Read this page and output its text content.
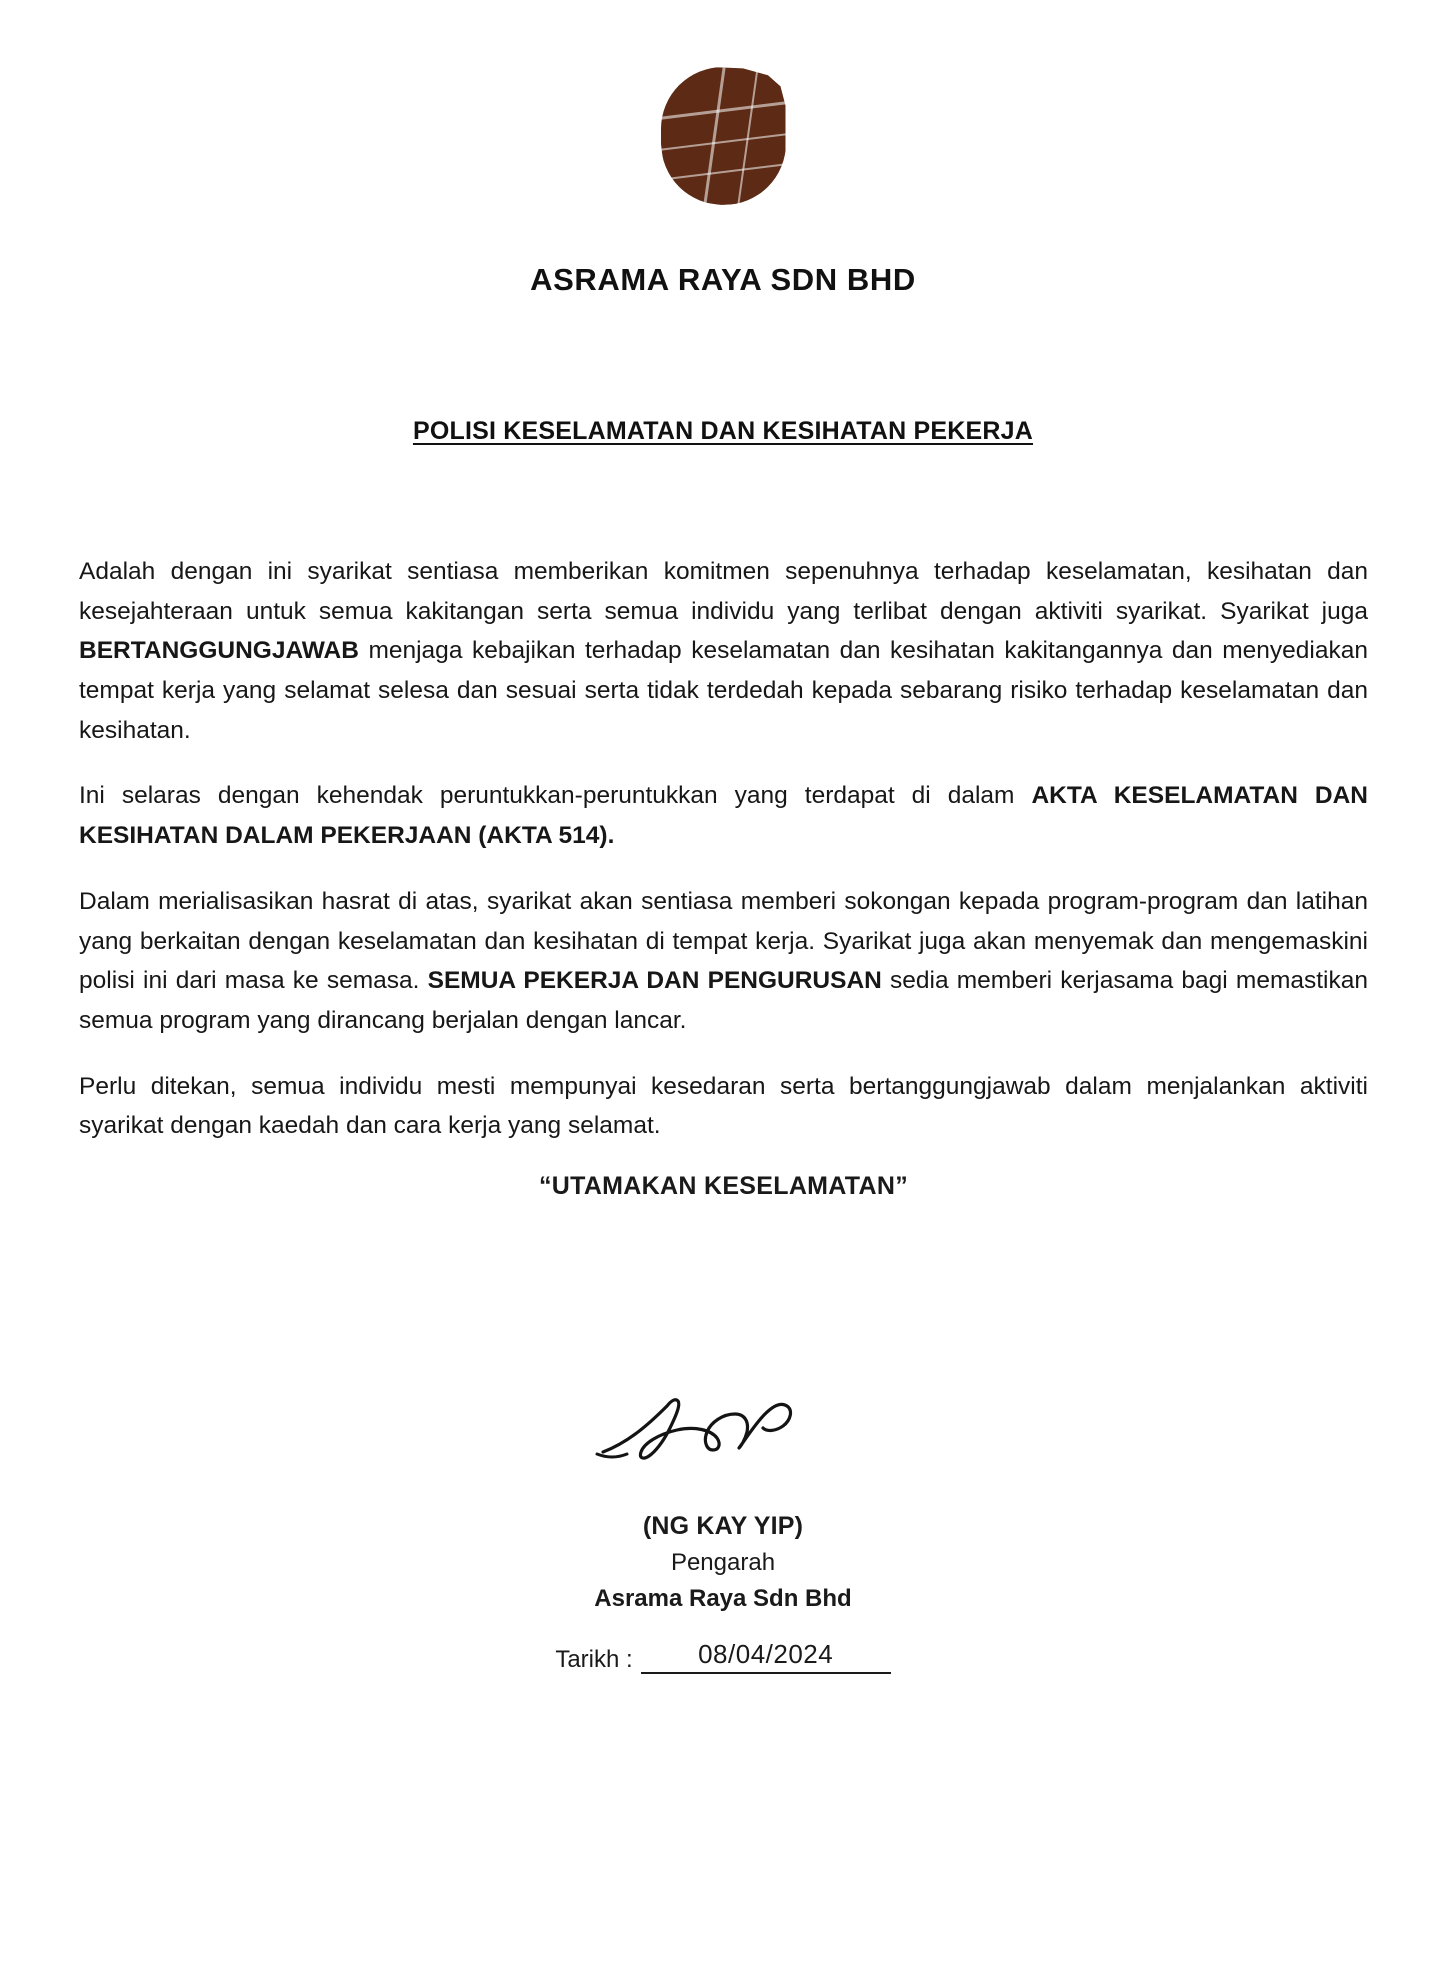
ASRAMA RAYA SDN BHD
POLISI KESELAMATAN DAN KESIHATAN PEKERJA

Adalah dengan ini syarikat sentiasa memberikan komitmen sepenuhnya terhadap keselamatan, kesihatan dan kesejahteraan untuk semua kakitangan serta semua individu yang terlibat dengan aktiviti syarikat. Syarikat juga BERTANGGUNGJAWAB menjaga kebajikan terhadap keselamatan dan kesihatan kakitangannya dan menyediakan tempat kerja yang selamat selesa dan sesuai serta tidak terdedah kepada sebarang risiko terhadap keselamatan dan kesihatan.

Ini selaras dengan kehendak peruntukkan-peruntukkan yang terdapat di dalam AKTA KESELAMATAN DAN KESIHATAN DALAM PEKERJAAN (AKTA 514).

Dalam merialisasikan hasrat di atas, syarikat akan sentiasa memberi sokongan kepada program-program dan latihan yang berkaitan dengan keselamatan dan kesihatan di tempat kerja. Syarikat juga akan menyemak dan mengemaskini polisi ini dari masa ke semasa. SEMUA PEKERJA DAN PENGURUSAN sedia memberi kerjasama bagi memastikan semua program yang dirancang berjalan dengan lancar.

Perlu ditekan, semua individu mesti mempunyai kesedaran serta bertanggungjawab dalam menjalankan aktiviti syarikat dengan kaedah dan cara kerja yang selamat.

“UTAMAKAN KESELAMATAN”

(NG KAY YIP)
Pengarah
Asrama Raya Sdn Bhd
Tarikh :	08/04/2024
